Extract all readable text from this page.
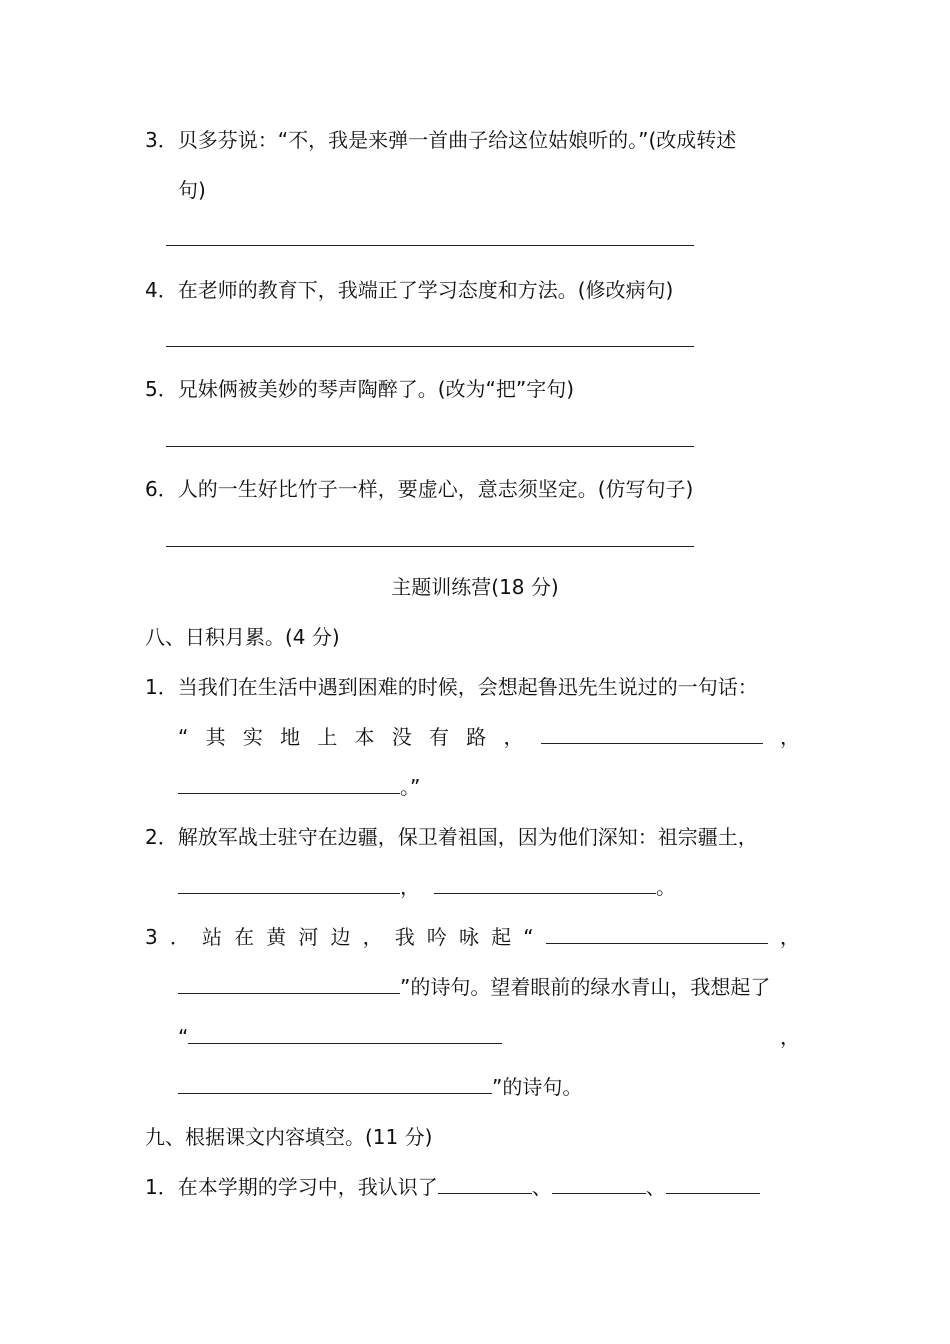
3．贝多芬说：“不，我是来弹一首曲子给这位姑娘听的。”(改成转述
句)
4．在老师的教育下，我端正了学习态度和方法。(修改病句)
5．兄妹俩被美妙的琴声陶醉了。(改为“把”字句)
6．人的一生好比竹子一样，要虚心，意志须坚定。(仿写句子)
主题训练营(18 分)
八、日积月累。(4 分)
1．当我们在生活中遇到困难的时候，会想起鲁迅先生说过的一句话：
“ 其 实 地 上 本 没 有 路 ，	，
。”
2．解放军战士驻守在边疆，保卫着祖国，因为他们深知：祖宗疆土，
，	。
3 ． 站 在 黄 河 边 ， 我 吟 咏 起 “	，
”的诗句。望着眼前的绿水青山，我想起了
“	，
”的诗句。
九、根据课文内容填空。(11 分)
1．在本学期的学习中，我认识了	、	、
